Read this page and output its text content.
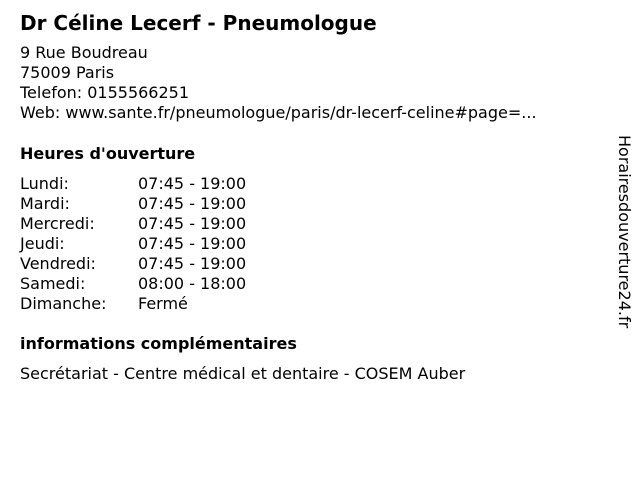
Dr Céline Lecerf - Pneumologue
9 Rue Boudreau
75009 Paris
Telefon: 0155566251
Web: www.sante.fr/pneumologue/paris/dr-lecerf-celine#page=...
Heures d'ouverture
Lundi:	07:45 - 19:00
Mardi:	07:45 - 19:00
Mercredi:	07:45 - 19:00
Jeudi:	07:45 - 19:00
Vendredi:	07:45 - 19:00
Samedi:	08:00 - 18:00
Dimanche: Fermé
informations complémentaires
Secrétariat - Centre médical et dentaire - COSEM Auber
Horairesdouverture24.fr
